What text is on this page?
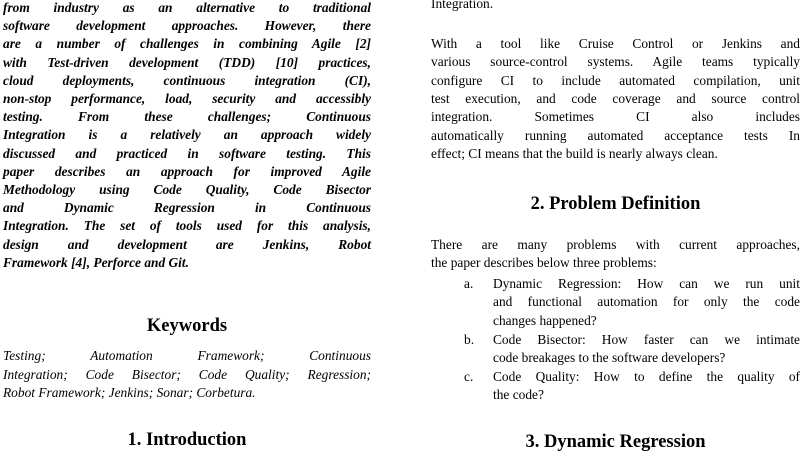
from industry as an alternative to traditional
software development approaches. However, there
are a number of challenges in combining Agile [2]
with Test-driven development (TDD) [10] practices,
cloud deployments, continuous integration (CI),
non-stop performance, load, security and accessibly
testing. From these challenges; Continuous
Integration is a relatively an approach widely
discussed and practiced in software testing. This
paper describes an approach for improved Agile
Methodology using Code Quality, Code Bisector
and Dynamic Regression in Continuous
Integration. The set of tools used for this analysis,
design and development are Jenkins, Robot
Framework [4], Perforce and Git.
Keywords
Testing; Automation Framework; Continuous
Integration; Code Bisector; Code Quality; Regression;
Robot Framework; Jenkins; Sonar; Corbetura.
1. Introduction
Integration.
With a tool like Cruise Control or Jenkins and
various source-control systems. Agile teams typically
configure CI to include automated compilation, unit
test execution, and code coverage and source control
integration. Sometimes CI also includes
automatically running automated acceptance tests In
effect; CI means that the build is nearly always clean.
2. Problem Definition
There are many problems with current approaches,
the paper describes below three problems:
a. Dynamic Regression: How can we run unit
and functional automation for only the code
changes happened?
b. Code Bisector: How faster can we intimate
code breakages to the software developers?
c. Code Quality: How to define the quality of
the code?
3. Dynamic Regression
